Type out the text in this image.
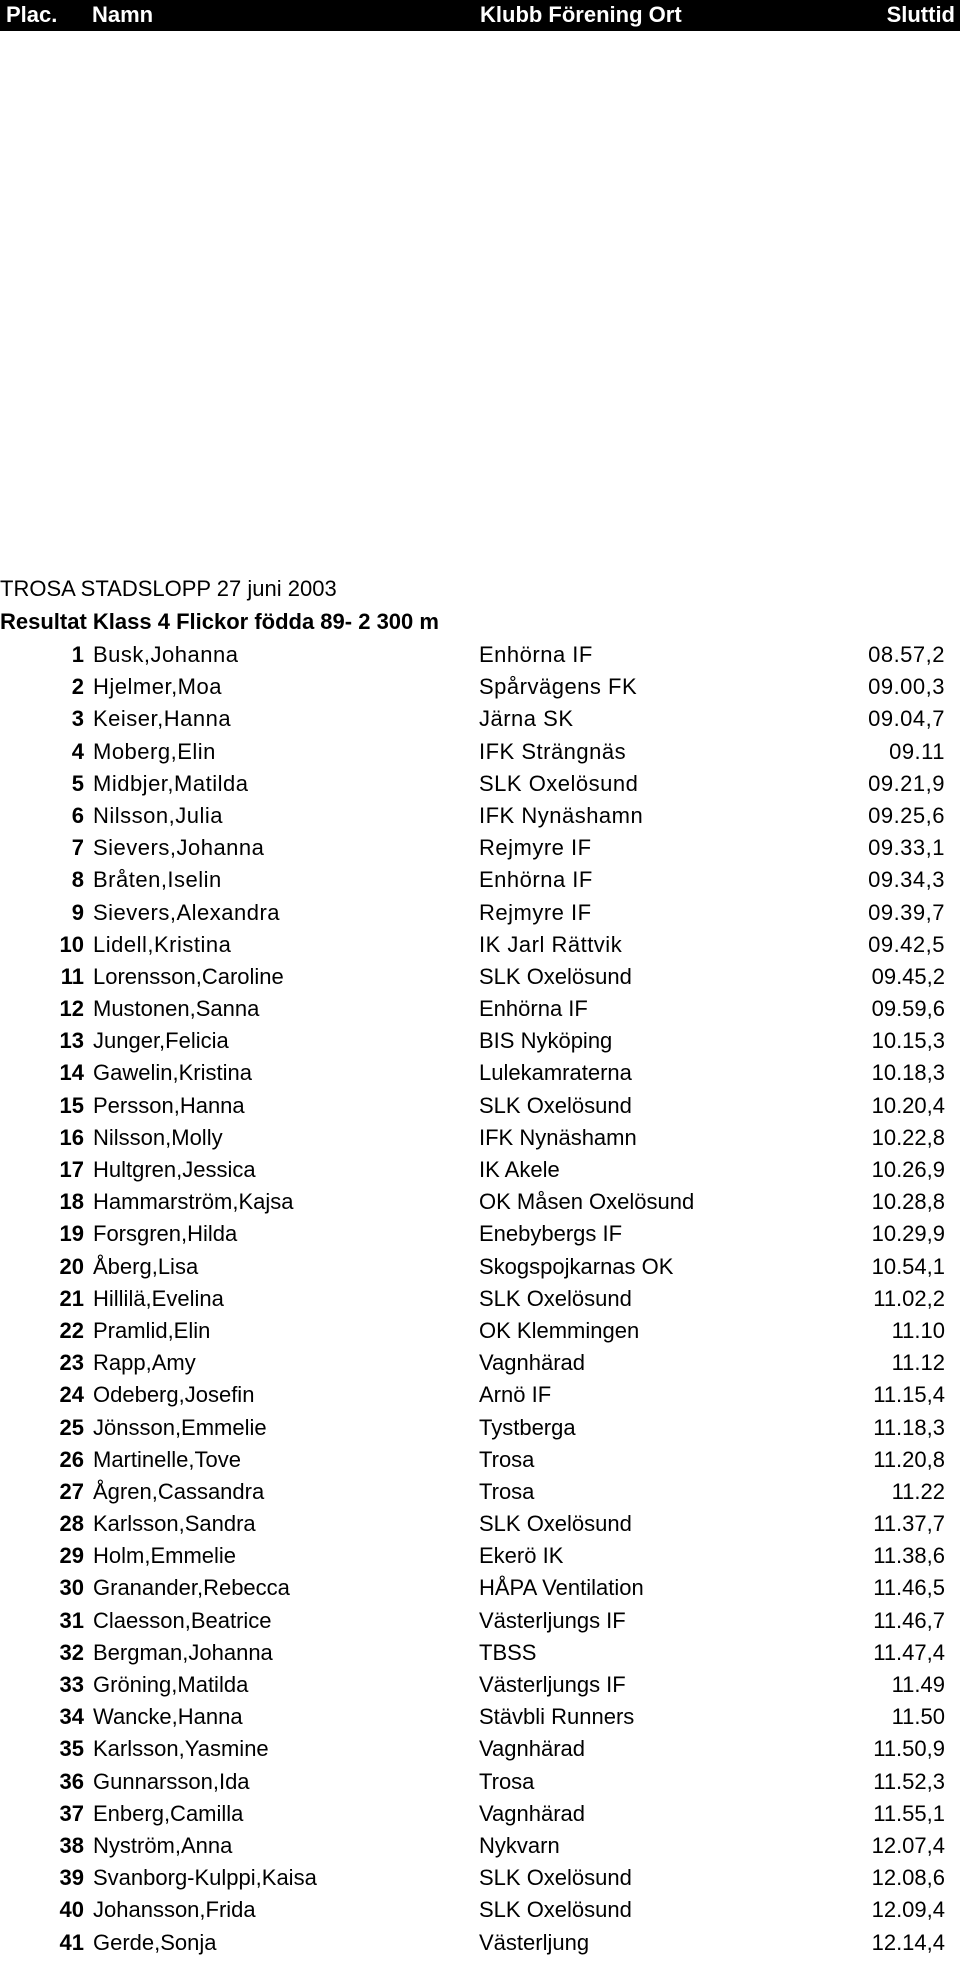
Plac. Namn	Klubb Förening Ort	Sluttid
TROSA STADSLOPP 27 juni 2003
Resultat Klass 4 Flickor födda 89- 2 300 m
1 Busk,Johanna	Enhörna IF	08.57,2
2 Hjelmer,Moa	Spårvägens FK	09.00,3
3 Keiser,Hanna	Järna SK	09.04,7
4 Moberg,Elin	IFK Strängnäs	09.11
5 Midbjer,Matilda	SLK Oxelösund	09.21,9
6 Nilsson,Julia	IFK Nynäshamn	09.25,6
7 Sievers,Johanna	Rejmyre IF	09.33,1
8 Bråten,Iselin	Enhörna IF	09.34,3
9 Sievers,Alexandra	Rejmyre IF	09.39,7
10 Lidell,Kristina	IK Jarl Rättvik	09.42,5
11 Lorensson,Caroline	SLK Oxelösund	09.45,2
12 Mustonen,Sanna	Enhörna IF	09.59,6
13 Junger,Felicia	BIS Nyköping	10.15,3
14 Gawelin,Kristina	Lulekamraterna	10.18,3
15 Persson,Hanna	SLK Oxelösund	10.20,4
16 Nilsson,Molly	IFK Nynäshamn	10.22,8
17 Hultgren,Jessica	IK Akele	10.26,9
18 Hammarström,Kajsa	OK Måsen Oxelösund	10.28,8
19 Forsgren,Hilda	Enebybergs IF	10.29,9
20 Åberg,Lisa	Skogspojkarnas OK	10.54,1
21 Hillilä,Evelina	SLK Oxelösund	11.02,2
22 Pramlid,Elin	OK Klemmingen	11.10
23 Rapp,Amy	Vagnhärad	11.12
24 Odeberg,Josefin	Arnö IF	11.15,4
25 Jönsson,Emmelie	Tystberga	11.18,3
26 Martinelle,Tove	Trosa	11.20,8
27 Ågren,Cassandra	Trosa	11.22
28 Karlsson,Sandra	SLK Oxelösund	11.37,7
29 Holm,Emmelie	Ekerö IK	11.38,6
30 Granander,Rebecca	HÅPA Ventilation	11.46,5
31 Claesson,Beatrice	Västerljungs IF	11.46,7
32 Bergman,Johanna	TBSS	11.47,4
33 Gröning,Matilda	Västerljungs IF	11.49
34 Wancke,Hanna	Stävbli Runners	11.50
35 Karlsson,Yasmine	Vagnhärad	11.50,9
36 Gunnarsson,Ida	Trosa	11.52,3
37 Enberg,Camilla	Vagnhärad	11.55,1
38 Nyström,Anna	Nykvarn	12.07,4
39 Svanborg-Kulppi,Kaisa	SLK Oxelösund	12.08,6
40 Johansson,Frida	SLK Oxelösund	12.09,4
41 Gerde,Sonja	Västerljung	12.14,4
